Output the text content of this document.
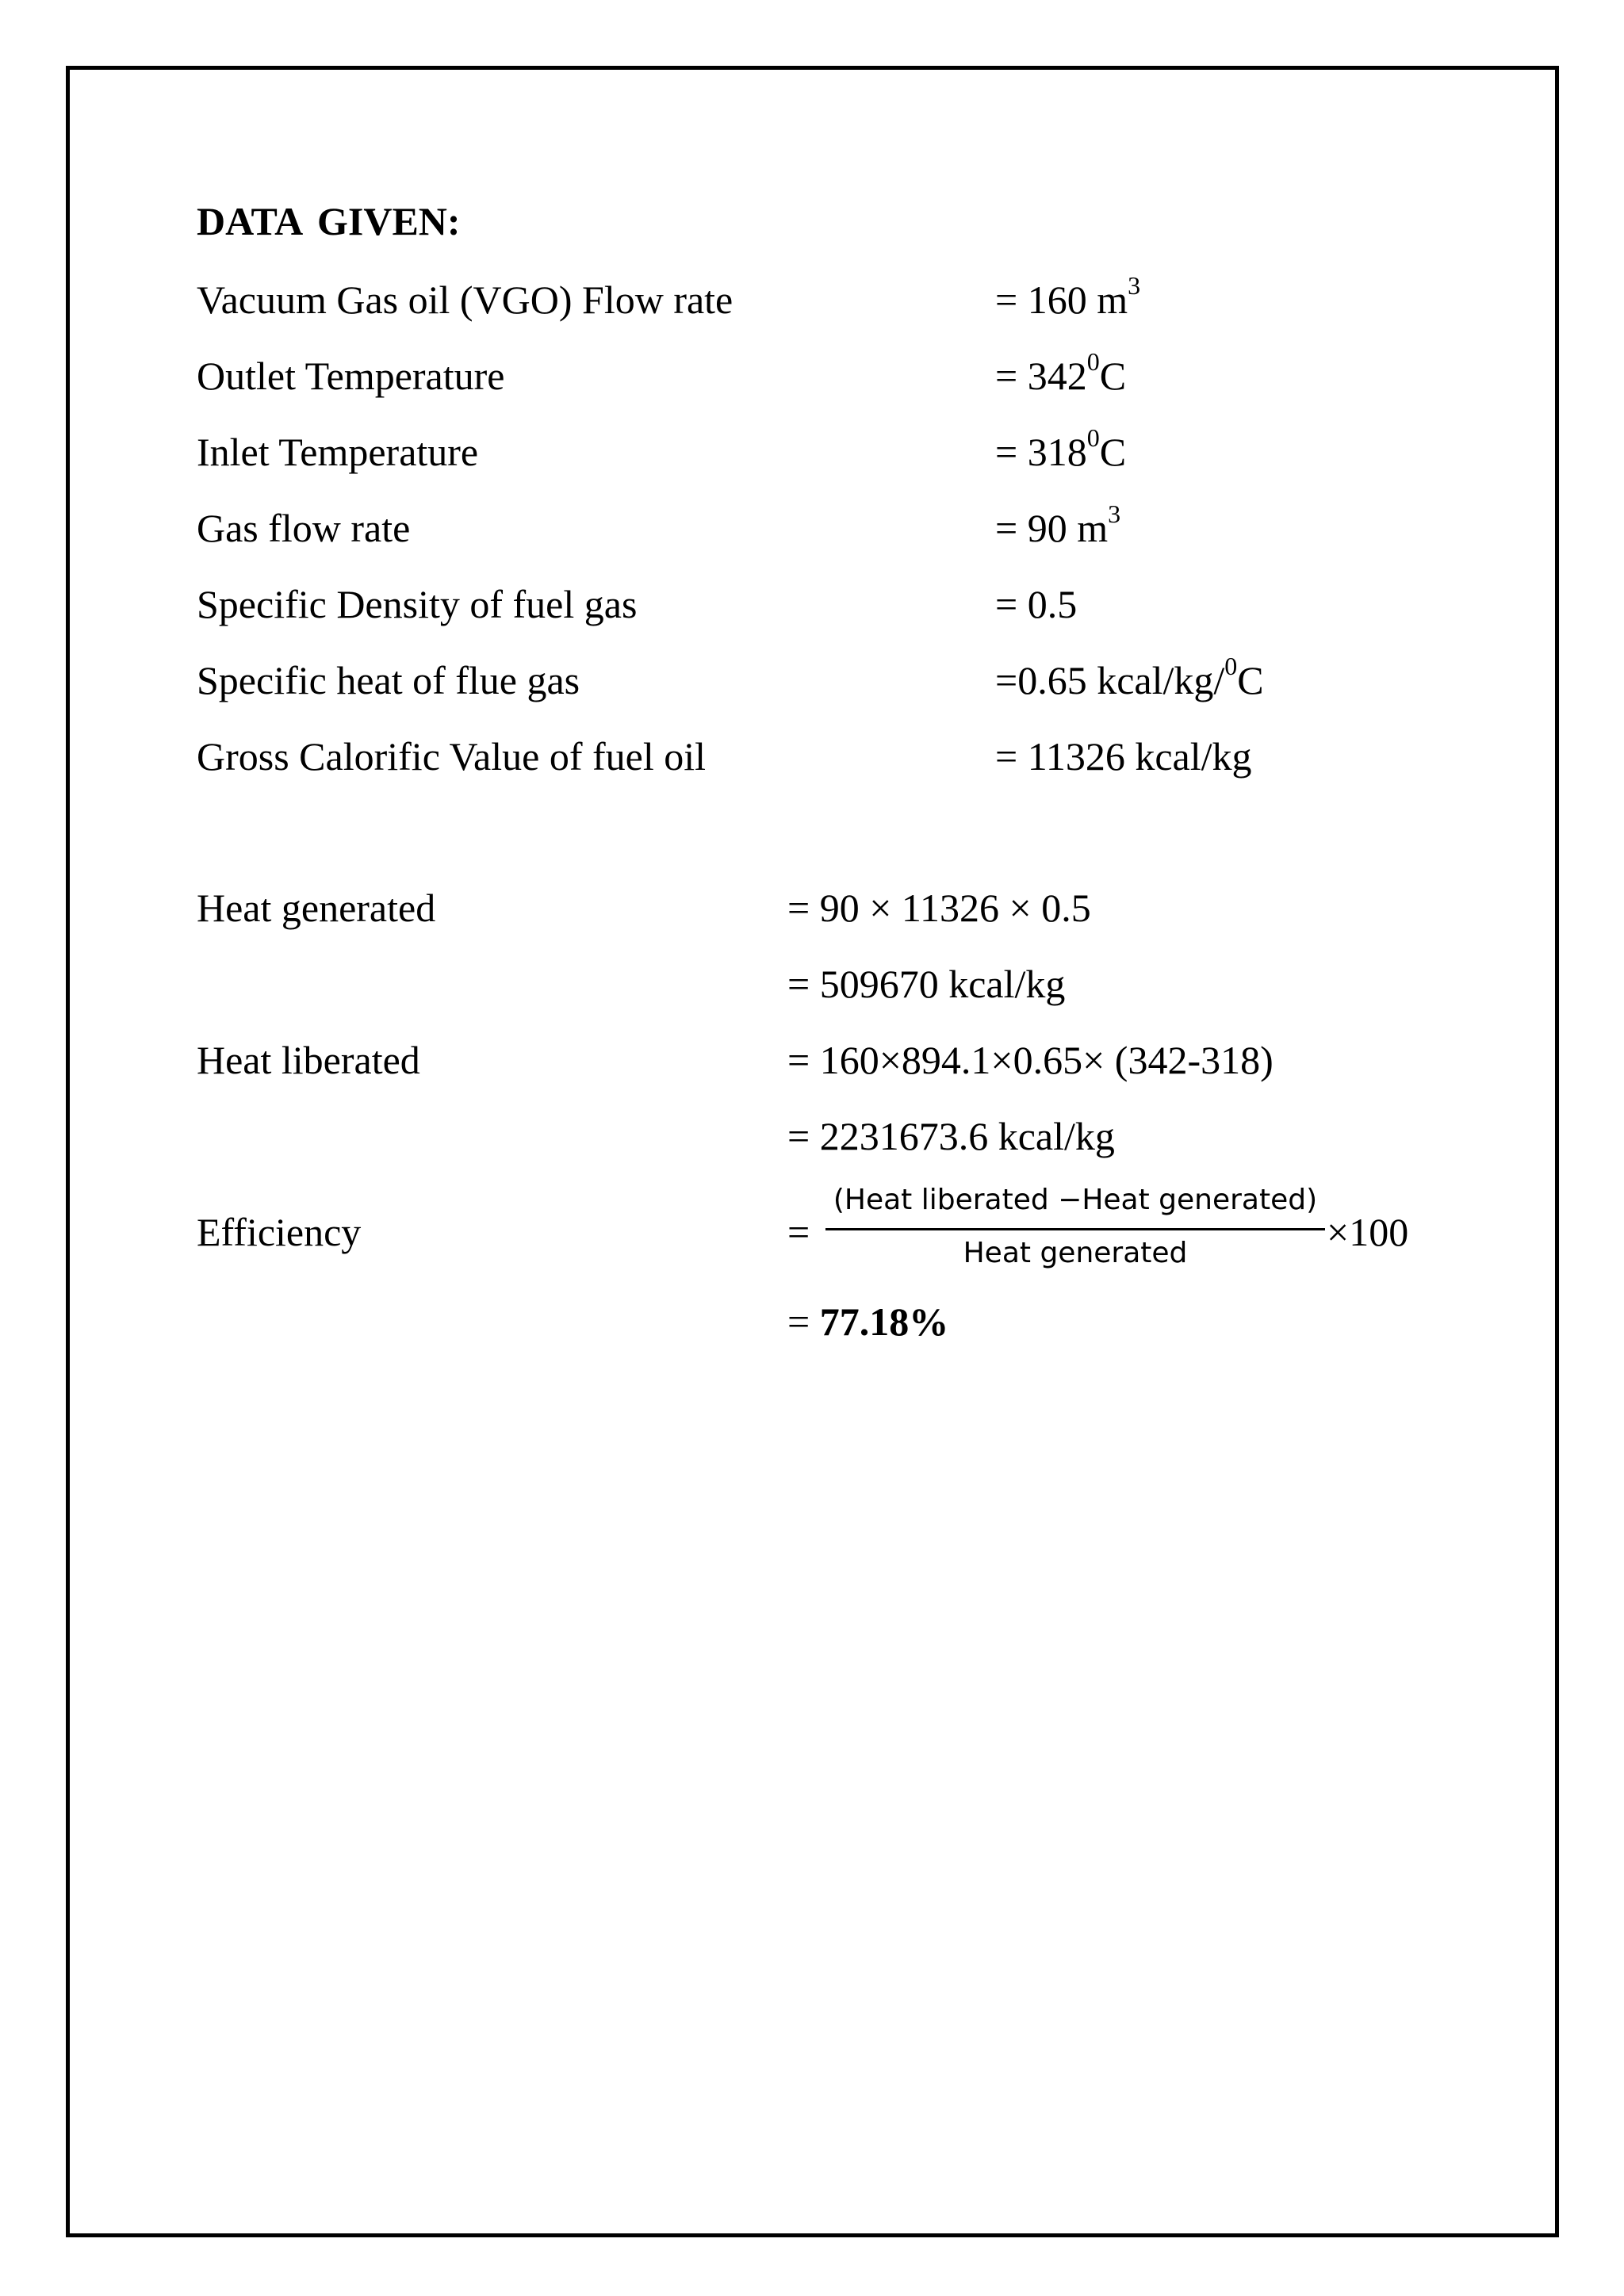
DATA GIVEN:
Vacuum Gas oil (VGO) Flow rate	= 160 $m^3$
Outlet Temperature	= $342^0C$
Inlet Temperature	= $318^0C$
Gas flow rate	= 90 $m^3$
Specific Density of fuel gas	= 0.5
Specific heat of flue gas	=0.65 kcal/kg/$^0$C
Gross Calorific Value of fuel oil	= 11326 kcal/kg
Heat generated	= 90 × 11326 × 0.5
= 509670 kcal/kg
Heat liberated	= 160×894.1×0.65× (342-318)
= 2231673.6 kcal/kg
Efficiency	=
(Heat liberated −Heat generated)
Heat generated	×100
= 77.18%
